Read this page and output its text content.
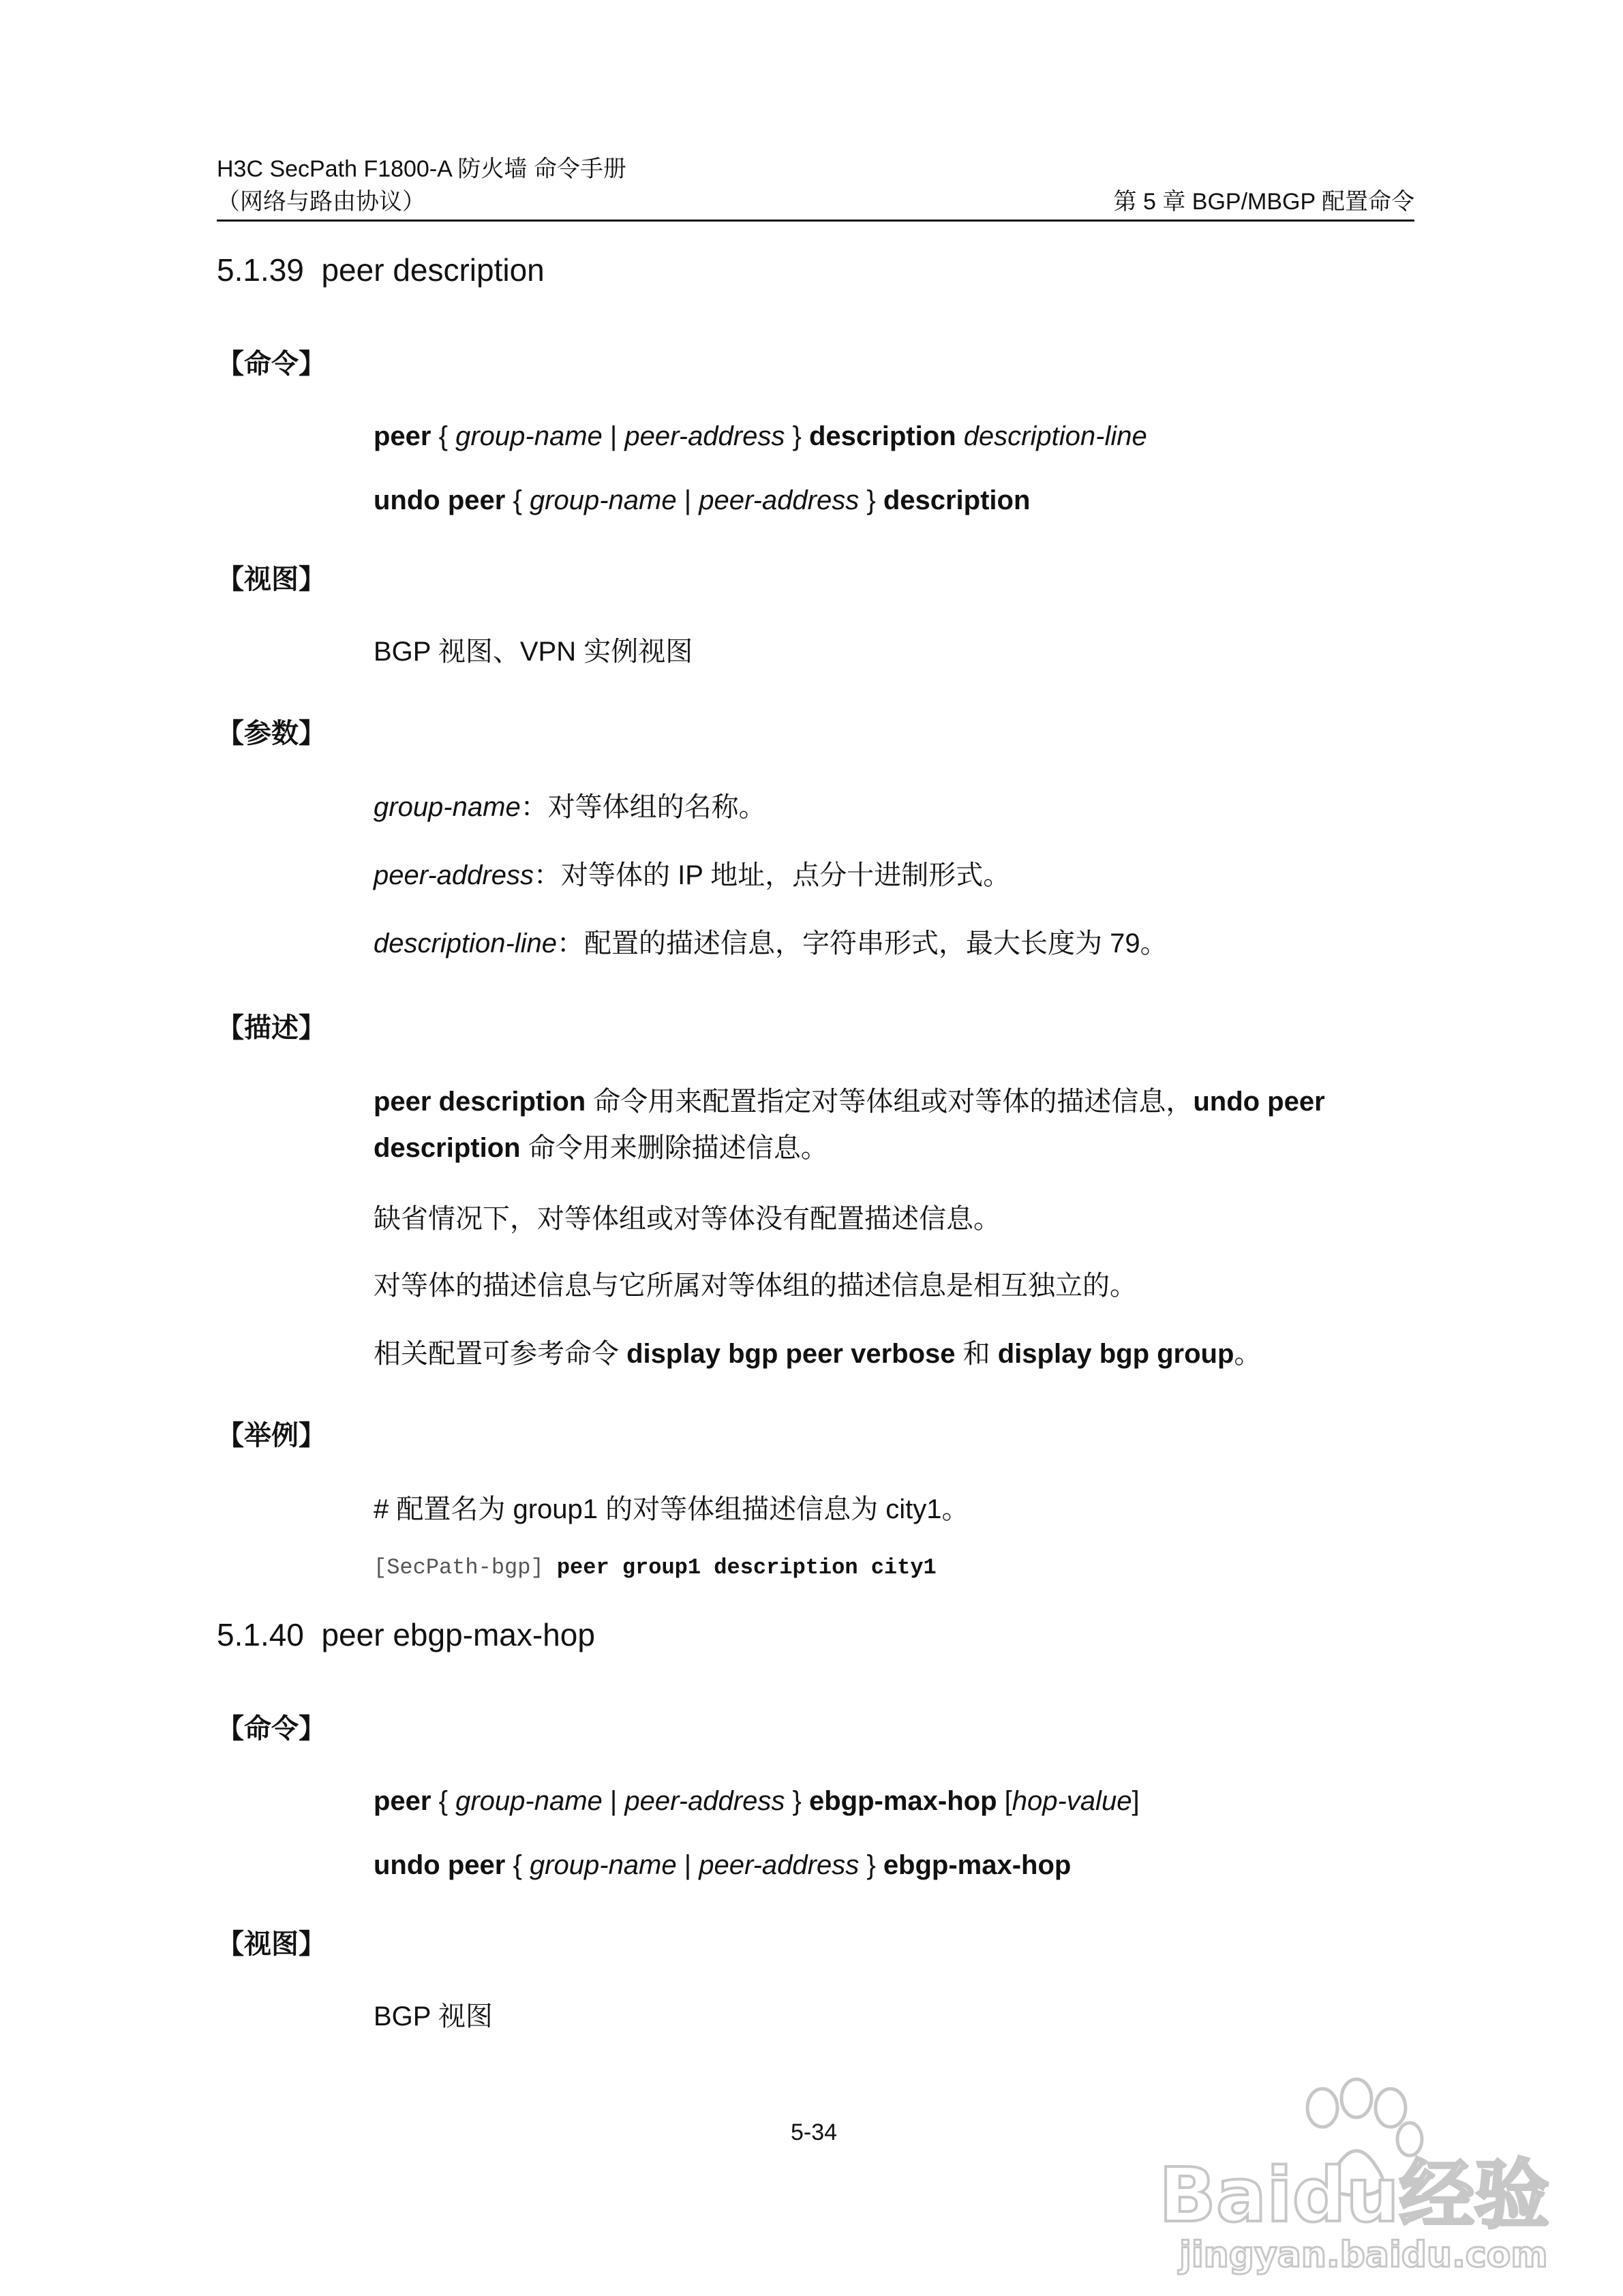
H3C SecPath F1800-A 防火墙 命令手册
（网络与路由协议）	第 5 章 BGP/MBGP 配置命令
5.1.39 peer description
【命令】
peer { group-name | peer-address } description description-line
undo peer { group-name | peer-address } description
【视图】
BGP 视图、VPN 实例视图
【参数】
group-name：对等体组的名称。
peer-address：对等体的 IP 地址，点分十进制形式。
description-line：配置的描述信息，字符串形式，最大长度为 79。
【描述】
peer description 命令用来配置指定对等体组或对等体的描述信息，undo peer
description 命令用来删除描述信息。
缺省情况下，对等体组或对等体没有配置描述信息。
对等体的描述信息与它所属对等体组的描述信息是相互独立的。
相关配置可参考命令 display bgp peer verbose 和 display bgp group。
【举例】
# 配置名为 group1 的对等体组描述信息为 city1。
[SecPath-bgp] peer group1 description city1
5.1.40 peer ebgp-max-hop
【命令】
peer { group-name | peer-address } ebgp-max-hop [hop-value]
undo peer { group-name | peer-address } ebgp-max-hop
【视图】
BGP 视图
5-34
Baidu经验
jingyan.baidu.com
